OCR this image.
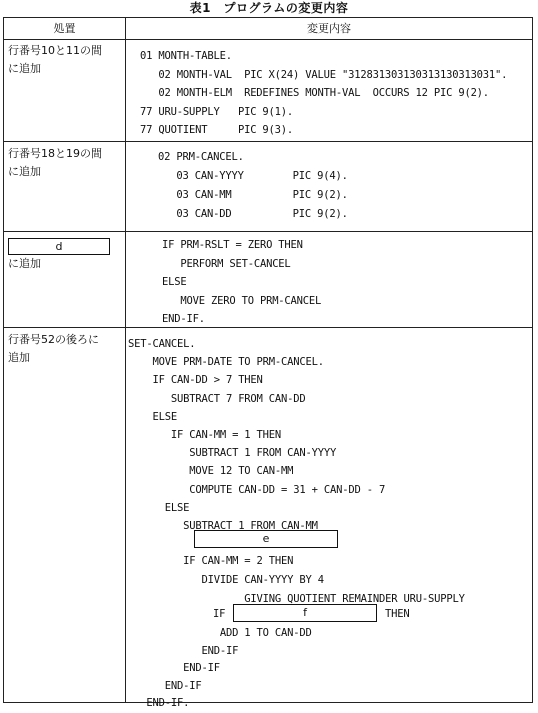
表1　プログラムの変更内容
処置	変更内容
行番号10と11の間
に追加
01 MONTH-TABLE.
02 MONTH-VAL  PIC X(24) VALUE "312831303130313130313031".
02 MONTH-ELM  REDEFINES MONTH-VAL  OCCURS 12 PIC 9(2).
77 URU-SUPPLY   PIC 9(1).
77 QUOTIENT     PIC 9(3).
行番号18と19の間
に追加
02 PRM-CANCEL.
03 CAN-YYYY        PIC 9(4).
03 CAN-MM          PIC 9(2).
03 CAN-DD          PIC 9(2).
d
に追加
IF PRM-RSLT = ZERO THEN
PERFORM SET-CANCEL
ELSE
MOVE ZERO TO PRM-CANCEL
END-IF.
行番号52の後ろに
追加
SET-CANCEL.
MOVE PRM-DATE TO PRM-CANCEL.
IF CAN-DD > 7 THEN
SUBTRACT 7 FROM CAN-DD
ELSE
IF CAN-MM = 1 THEN
SUBTRACT 1 FROM CAN-YYYY
MOVE 12 TO CAN-MM
COMPUTE CAN-DD = 31 + CAN-DD - 7
ELSE
SUBTRACT 1 FROM CAN-MM
e
IF CAN-MM = 2 THEN
DIVIDE CAN-YYYY BY 4
GIVING QUOTIENT REMAINDER URU-SUPPLY
IF	f	THEN
ADD 1 TO CAN-DD
END-IF
END-IF
END-IF
END-IF.
